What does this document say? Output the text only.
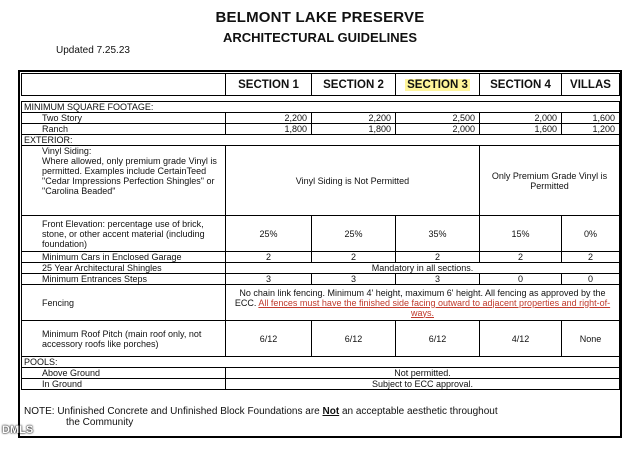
BELMONT LAKE PRESERVE
ARCHITECTURAL GUIDELINES
Updated 7.25.23
	SECTION 1	SECTION 2	SECTION 3	SECTION 4	VILLAS

MINIMUM SQUARE FOOTAGE:					
Two Story	2,200	2,200	2,500	2,000	1,600
Ranch	1,800	1,800	2,000	1,600	1,200
EXTERIOR:					
Vinyl Siding:
Where allowed, only premium grade Vinyl is permitted. Examples include CertainTeed "Cedar Impressions Perfection Shingles" or "Carolina Beaded"	Vinyl Siding is Not Permitted			Only Premium Grade Vinyl is Permitted	
Front Elevation: percentage use of brick, stone, or other accent material (including foundation)	25%	25%	35%	15%	0%
Minimum Cars in Enclosed Garage	2	2	2	2	2
25 Year Architectural Shingles	Mandatory in all sections.				
Minimum Entrances Steps	3	3	3	0	0
Fencing	No chain link fencing. Minimum 4' height, maximum 6' height. All fencing as approved by the ECC. All fences must have the finished side facing outward to adjacent properties and right-of-ways.				
Minimum Roof Pitch (main roof only, not accessory roofs like porches)	6/12	6/12	6/12	4/12	None
POOLS:					
Above Ground	Not permitted.				
In Ground	Subject to ECC approval.				
NOTE: Unfinished Concrete and Unfinished Block Foundations are Not an acceptable aesthetic throughout
the Community
DMLS
